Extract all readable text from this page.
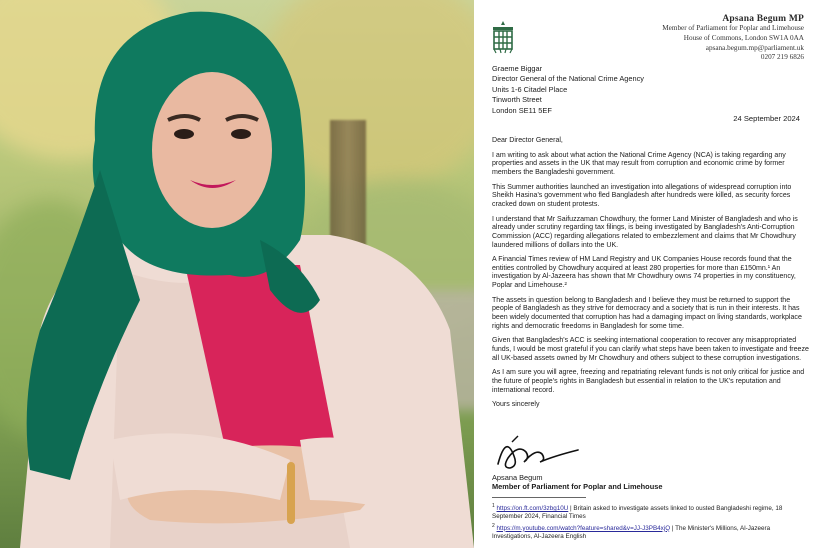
Apsana Begum MP
Member of Parliament for Poplar and Limehouse
House of Commons, London SW1A 0AA
apsana.begum.mp@parliament.uk
0207 219 6826
Graeme Biggar
Director General of the National Crime Agency
Units 1-6 Citadel Place
Tinworth Street
London SE11 5EF
24 September 2024

Dear Director General,

I am writing to ask about what action the National Crime Agency (NCA) is taking regarding any properties and assets in the UK that may result from corruption and economic crime by former members the Bangladeshi government.

This Summer authorities launched an investigation into allegations of widespread corruption into Sheikh Hasina's government who fled Bangladesh after hundreds were killed, as security forces cracked down on student protests.

I understand that Mr Saifuzzaman Chowdhury, the former Land Minister of Bangladesh and who is already under scrutiny regarding tax filings, is being investigated by Bangladesh's Anti-Corruption Commission (ACC) regarding allegations related to embezzlement and claims that Mr Chowdhury laundered millions of dollars into the UK.

A Financial Times review of HM Land Registry and UK Companies House records found that the entities controlled by Chowdhury acquired at least 280 properties for more than £150mn.¹ An investigation by Al-Jazeera has shown that Mr Chowdhury owns 74 properties in my constituency, Poplar and Limehouse.²

The assets in question belong to Bangladesh and I believe they must be returned to support the people of Bangladesh as they strive for democracy and a society that is run in their interests. It has been widely documented that corruption has had a damaging impact on living standards, workplace rights and democratic freedoms in Bangladesh for some time.

Given that Bangladesh's ACC is seeking international cooperation to recover any misappropriated funds, I would be most grateful if you can clarify what steps have been taken to investigate and freeze all UK-based assets owned by Mr Chowdhury and others subject to these corruption investigations.

As I am sure you will agree, freezing and repatriating relevant funds is not only critical for justice and the future of people's rights in Bangladesh but essential in relation to the UK's reputation and international record.

Yours sincerely

Apsana Begum
Member of Parliament for Poplar and Limehouse
$^1$ https://on.ft.com/3zbg10U | Britain asked to investigate assets linked to ousted Bangladeshi regime, 18 September 2024, Financial Times
$^2$ https://m.youtube.com/watch?feature=shared&v=JJ-J3PB4xjQ | The Minister's Millions, Al-Jazeera Investigations, Al-Jazeera English
